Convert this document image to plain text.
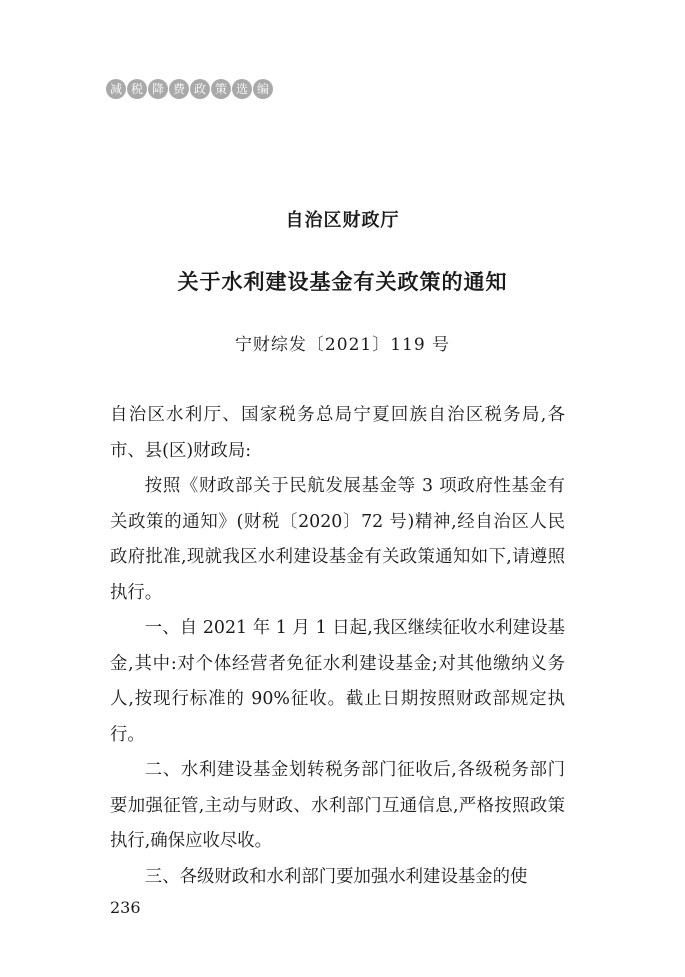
减 税 降 费 政 策 选 编
自治区财政厅
关于水利建设基金有关政策的通知
宁财综发〔2021〕119 号

自治区水利厅、国家税务总局宁夏回族自治区税务局,各市、县(区)财政局:

按照《财政部关于民航发展基金等 3 项政府性基金有关政策的通知》(财税〔2020〕72 号)精神,经自治区人民政府批准,现就我区水利建设基金有关政策通知如下,请遵照执行。

一、自 2021 年 1 月 1 日起,我区继续征收水利建设基金,其中:对个体经营者免征水利建设基金;对其他缴纳义务人,按现行标准的 90%征收。截止日期按照财政部规定执行。

二、水利建设基金划转税务部门征收后,各级税务部门要加强征管,主动与财政、水利部门互通信息,严格按照政策执行,确保应收尽收。

三、各级财政和水利部门要加强水利建设基金的使

236
